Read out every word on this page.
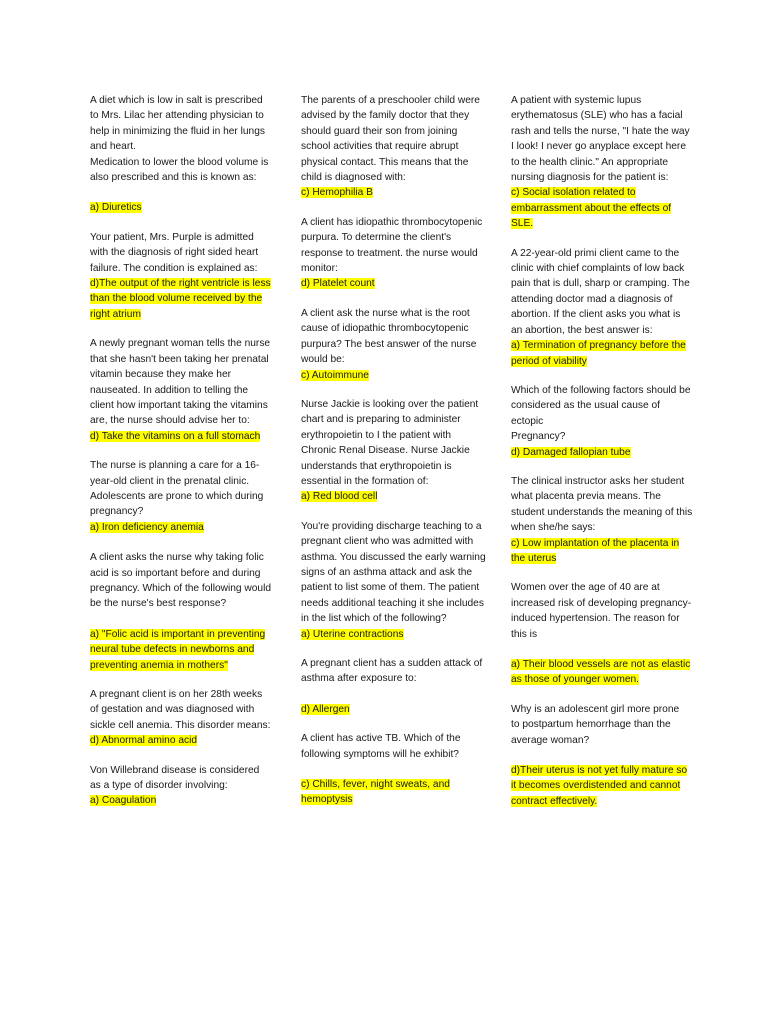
A diet which is low in salt is prescribed to Mrs. Lilac her attending physician to help in minimizing the fluid in her lungs and heart.
Medication to lower the blood volume is also prescribed and this is known as:

a) Diuretics

Your patient, Mrs. Purple is admitted with the diagnosis of right sided heart failure. The condition is explained as:

d)The output of the right ventricle is less than the blood volume received by the right atrium

A newly pregnant woman tells the nurse that she hasn't been taking her prenatal vitamin because they make her nauseated. In addition to telling the client how important taking the vitamins are, the nurse should advise her to:

d) Take the vitamins on a full stomach

The nurse is planning a care for a 16-year-old client in the prenatal clinic. Adolescents are prone to which during pregnancy?

a) Iron deficiency anemia

A client asks the nurse why taking folic acid is so important before and during pregnancy. Which of the following would be the nurse's best response?

a) "Folic acid is important in preventing neural tube defects in newborns and preventing anemia in mothers"

A pregnant client is on her 28th weeks of gestation and was diagnosed with sickle cell anemia. This disorder means:

d) Abnormal amino acid

Von Willebrand disease is considered as a type of disorder involving:

a) Coagulation

The parents of a preschooler child were advised by the family doctor that they should guard their son from joining school activities that require abrupt physical contact. This means that the child is diagnosed with:

c) Hemophilia B

A client has idiopathic thrombocytopenic purpura. To determine the client's response to treatment. the nurse would monitor:

d) Platelet count

A client ask the nurse what is the root cause of idiopathic thrombocytopenic purpura? The best answer of the nurse would be:

c) Autoimmune

Nurse Jackie is looking over the patient chart and is preparing to administer erythropoietin to I the patient with Chronic Renal Disease. Nurse Jackie understands that erythropoietin is essential in the formation of:

a) Red blood cell

You're providing discharge teaching to a pregnant client who was admitted with asthma. You discussed the early warning signs of an asthma attack and ask the patient to list some of them. The patient needs additional teaching it she includes in the list which of the following?

a) Uterine contractions

A pregnant client has a sudden attack of asthma after exposure to:

d) Allergen

A client has active TB. Which of the following symptoms will he exhibit?

c) Chills, fever, night sweats, and hemoptysis

A patient with systemic lupus erythematosus (SLE) who has a facial rash and tells the nurse, "I hate the way I look! I never go anyplace except here to the health clinic." An appropriate nursing diagnosis for the patient is:

c) Social isolation related to embarrassment about the effects of SLE.

A 22-year-old primi client came to the clinic with chief complaints of low back pain that is dull, sharp or cramping. The attending doctor mad a diagnosis of abortion. If the client asks you what is an abortion, the best answer is:

a) Termination of pregnancy before the period of viability

Which of the following factors should be considered as the usual cause of ectopic
Pregnancy?

d) Damaged fallopian tube

The clinical instructor asks her student what placenta previa means. The student understands the meaning of this when she/he says:

c) Low implantation of the placenta in the uterus

Women over the age of 40 are at increased risk of developing pregnancy-induced hypertension. The reason for this is

a) Their blood vessels are not as elastic as those of younger women.

Why is an adolescent girl more prone
to postpartum hemorrhage than the average woman?

d)Their uterus is not yet fully mature so it becomes overdistended and cannot contract effectively.
